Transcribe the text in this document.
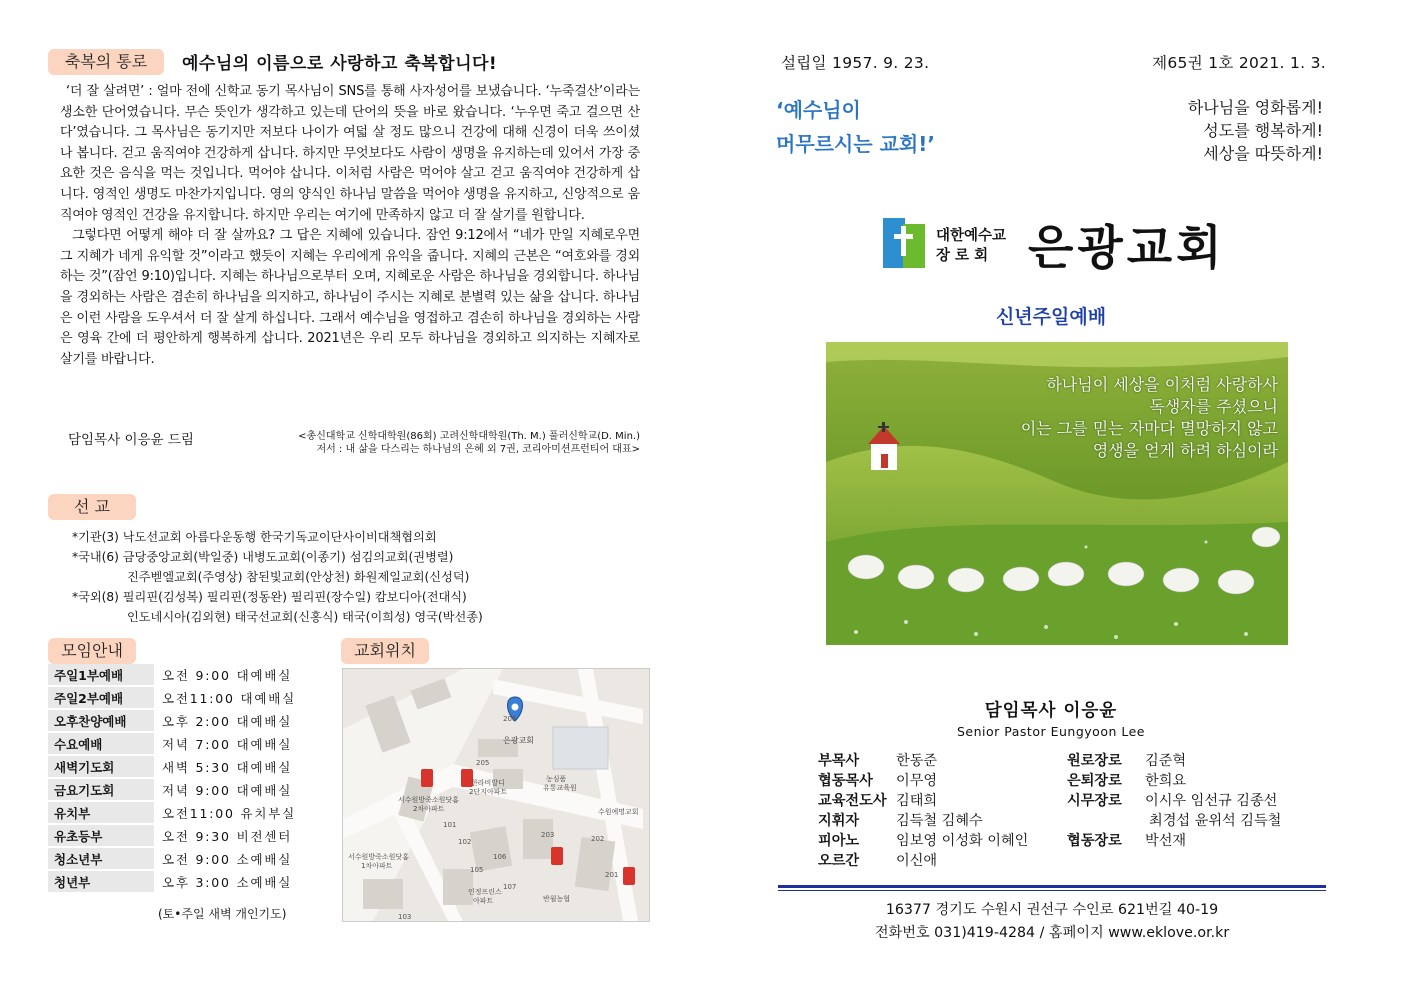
축복의 통로	예수님의 이름으로 사랑하고 축복합니다!

‘더 잘 살려면’ : 얼마 전에 신학교 동기 목사님이 SNS를 통해 사자성어를 보냈습니다. ‘누죽걸산’이라는 생소한 단어였습니다. 무슨 뜻인가 생각하고 있는데 단어의 뜻을 바로 왔습니다. ‘누우면 죽고 걸으면 산다’였습니다. 그 목사님은 동기지만 저보다 나이가 여덟 살 정도 많으니 건강에 대해 신경이 더욱 쓰이셨나 봅니다. 걷고 움직여야 건강하게 삽니다. 하지만 무엇보다도 사람이 생명을 유지하는데 있어서 가장 중요한 것은 음식을 먹는 것입니다. 먹어야 삽니다. 이처럼 사람은 먹어야 살고 걷고 움직여야 건강하게 삽니다. 영적인 생명도 마찬가지입니다. 영의 양식인 하나님 말씀을 먹어야 생명을 유지하고, 신앙적으로 움직여야 영적인 건강을 유지합니다. 하지만 우리는 여기에 만족하지 않고 더 잘 살기를 원합니다.

그렇다면 어떻게 해야 더 잘 살까요? 그 답은 지혜에 있습니다. 잠언 9:12에서 “네가 만일 지혜로우면 그 지혜가 네게 유익할 것”이라고 했듯이 지혜는 우리에게 유익을 줍니다. 지혜의 근본은 “여호와를 경외하는 것”(잠언 9:10)입니다. 지혜는 하나님으로부터 오며, 지혜로운 사람은 하나님을 경외합니다. 하나님을 경외하는 사람은 겸손히 하나님을 의지하고, 하나님이 주시는 지혜로 분별력 있는 삶을 삽니다. 하나님은 이런 사람을 도우셔서 더 잘 살게 하십니다. 그래서 예수님을 영접하고 겸손히 하나님을 경외하는 사람은 영육 간에 더 평안하게 행복하게 삽니다. 2021년은 우리 모두 하나님을 경외하고 의지하는 지혜자로 살기를 바랍니다.

담임목사 이응윤 드림	<총신대학교 신학대학원(86회) 고려신학대학원(Th. M.) 풀러신학교(D. Min.)
저서 : 내 삶을 다스리는 하나님의 은혜 외 7권, 코리아미션프런티어 대표>
선 교
*기관(3) 낙도선교회 아름다운동행 한국기독교이단사이비대책협의회
*국내(6) 금당중앙교회(박일중) 내병도교회(이종기) 섬김의교회(권병렬)
진주벧엘교회(주영상) 참된빛교회(안상천) 화원제일교회(신성덕)
*국외(8) 필리핀(김성복) 필리핀(정동완) 필리핀(장수일) 캄보디아(전대식)
인도네시아(김외현) 태국선교회(신홍식) 태국(이희성) 영국(박선종)
모임안내
주일1부예배	오전 9:00 대예배실
주일2부예배	오전11:00 대예배실
오후찬양예배	오후 2:00 대예배실
수요예배	저녁 7:00 대예배실
새벽기도회	새벽 5:30 대예배실
금요기도회	저녁 9:00 대예배실
유치부	오전11:00 유치부실
유초등부	오전 9:30 비전센터
청소년부	오전 9:00 소예배실
청년부	오후 3:00 소예배실
(토•주일 새벽 개인기도)
교회위치
은광교회
농심품
유통교육원
한라비발디
2단지아파트
수원예명교회
서수원방죽소원닷홈
2차아파트
서수원방죽소원닷홈
1차아파트
인정프린스
아파트	반월농협
203	202
201
105
106
107
205
206
103
101
102
설립일 1957. 9. 23.	제65권 1호 2021. 1. 3.
‘예수님이
머무르시는 교회!’
하나님을 영화롭게!
성도를 행복하게!
세상을 따뜻하게!
대한예수교
장 로 회 은광교회
신년주일예배
하나님이 세상을 이처럼 사랑하사
독생자를 주셨으니
이는 그를 믿는 자마다 멸망하지 않고
영생을 얻게 하려 하심이라
담임목사 이응윤
Senior Pastor Eungyoon Lee
부목사	한동준
협동목사	이무영
교육전도사 김태희
지휘자	김득철 김혜수
피아노	임보영 이성화 이혜인
오르간	이신애
원로장로	김준혁
은퇴장로	한희요
시무장로	이시우 임선규 김종선
최경섭 윤위석 김득철
협동장로	박선재
16377 경기도 수원시 권선구 수인로 621번길 40-19
전화번호 031)419-4284 / 홈페이지 www.eklove.or.kr
